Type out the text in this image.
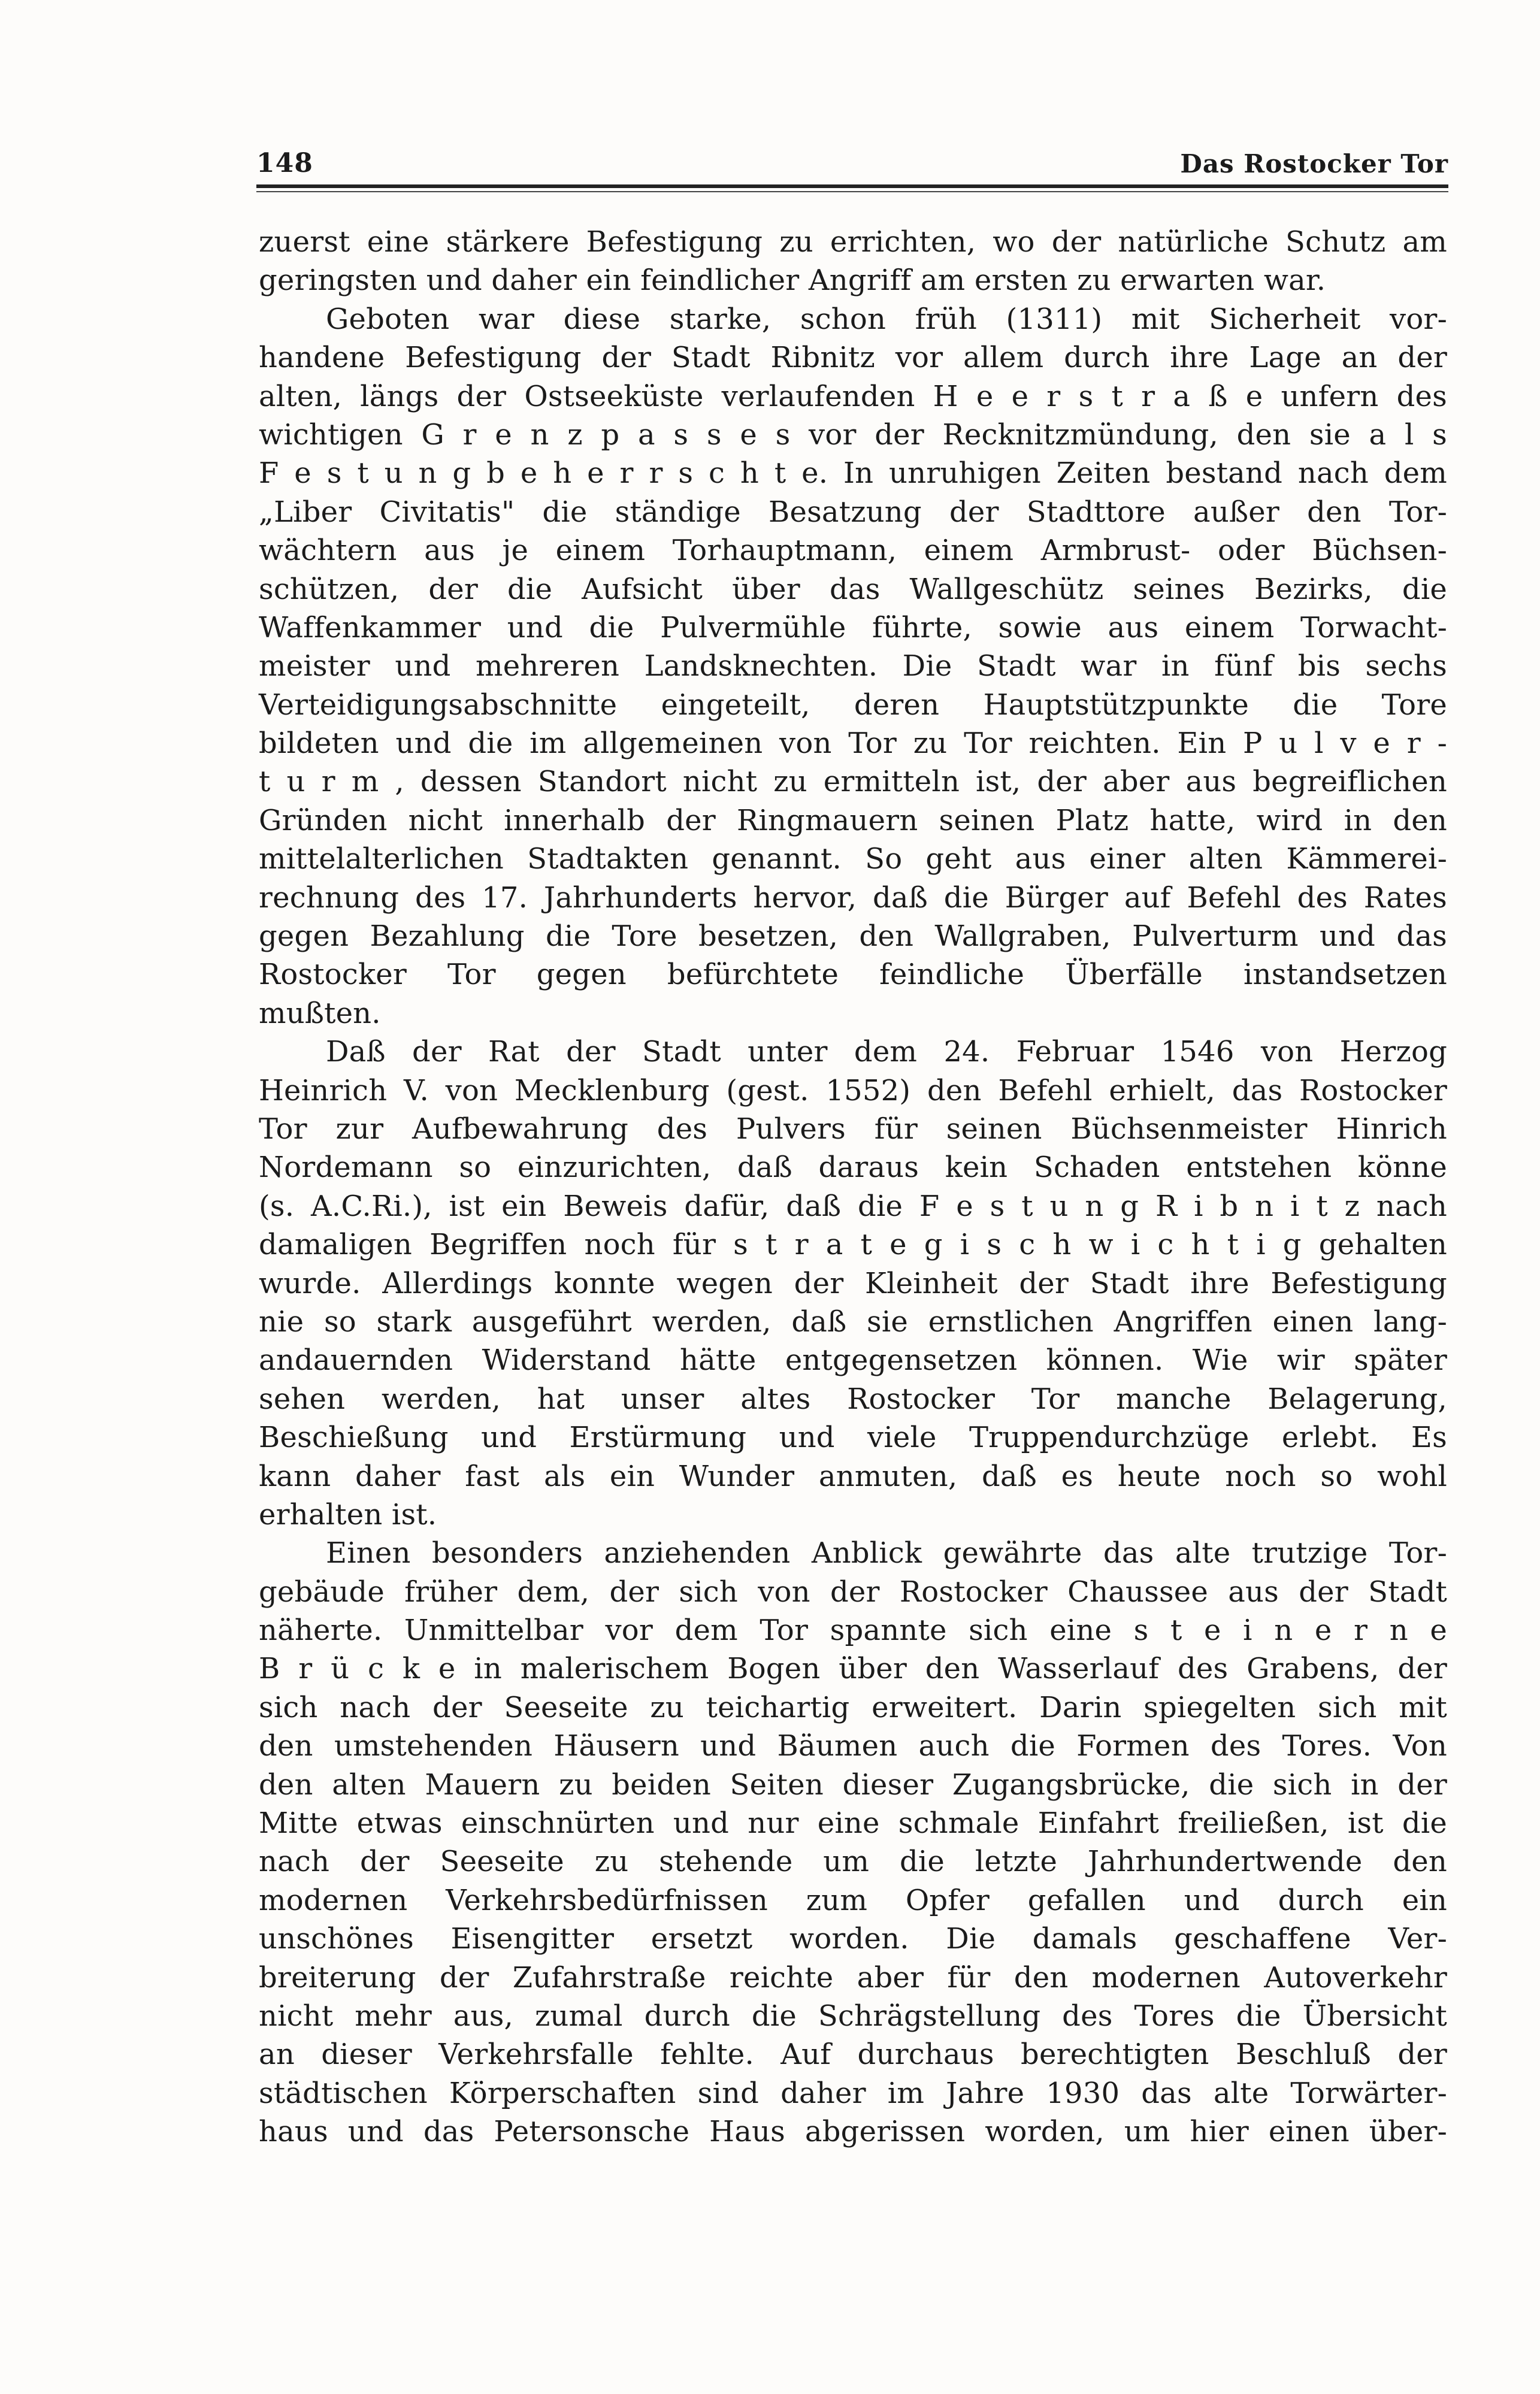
148	Das Rostocker Tor
zuerst eine stärkere Befestigung zu errichten, wo der natürliche Schutz am
geringsten und daher ein feindlicher Angriff am ersten zu erwarten war.
Geboten war diese starke, schon früh (1311) mit Sicherheit vor-
handene Befestigung der Stadt Ribnitz vor allem durch ihre Lage an der
alten, längs der Ostseeküste verlaufenden H e e r s t r a ß e unfern des
wichtigen G r e n z p a s s e s vor der Recknitzmündung, den sie a l s
F e s t u n g b e h e r r s c h t e. In unruhigen Zeiten bestand nach dem
„Liber Civitatis" die ständige Besatzung der Stadttore außer den Tor-
wächtern aus je einem Torhauptmann, einem Armbrust- oder Büchsen-
schützen, der die Aufsicht über das Wallgeschütz seines Bezirks, die
Waffenkammer und die Pulvermühle führte, sowie aus einem Torwacht-
meister und mehreren Landsknechten. Die Stadt war in fünf bis sechs
Verteidigungsabschnitte eingeteilt, deren Hauptstützpunkte die Tore
bildeten und die im allgemeinen von Tor zu Tor reichten. Ein P u l v e r -
t u r m , dessen Standort nicht zu ermitteln ist, der aber aus begreiflichen
Gründen nicht innerhalb der Ringmauern seinen Platz hatte, wird in den
mittelalterlichen Stadtakten genannt. So geht aus einer alten Kämmerei-
rechnung des 17. Jahrhunderts hervor, daß die Bürger auf Befehl des Rates
gegen Bezahlung die Tore besetzen, den Wallgraben, Pulverturm und das
Rostocker Tor gegen befürchtete feindliche Überfälle instandsetzen
mußten.
Daß der Rat der Stadt unter dem 24. Februar 1546 von Herzog
Heinrich V. von Mecklenburg (gest. 1552) den Befehl erhielt, das Rostocker
Tor zur Aufbewahrung des Pulvers für seinen Büchsenmeister Hinrich
Nordemann so einzurichten, daß daraus kein Schaden entstehen könne
(s. A.C.Ri.), ist ein Beweis dafür, daß die F e s t u n g R i b n i t z nach
damaligen Begriffen noch für s t r a t e g i s c h w i c h t i g gehalten
wurde. Allerdings konnte wegen der Kleinheit der Stadt ihre Befestigung
nie so stark ausgeführt werden, daß sie ernstlichen Angriffen einen lang-
andauernden Widerstand hätte entgegensetzen können. Wie wir später
sehen werden, hat unser altes Rostocker Tor manche Belagerung,
Beschießung und Erstürmung und viele Truppendurchzüge erlebt. Es
kann daher fast als ein Wunder anmuten, daß es heute noch so wohl
erhalten ist.
Einen besonders anziehenden Anblick gewährte das alte trutzige Tor-
gebäude früher dem, der sich von der Rostocker Chaussee aus der Stadt
näherte. Unmittelbar vor dem Tor spannte sich eine s t e i n e r n e
B r ü c k e in malerischem Bogen über den Wasserlauf des Grabens, der
sich nach der Seeseite zu teichartig erweitert. Darin spiegelten sich mit
den umstehenden Häusern und Bäumen auch die Formen des Tores. Von
den alten Mauern zu beiden Seiten dieser Zugangsbrücke, die sich in der
Mitte etwas einschnürten und nur eine schmale Einfahrt freiließen, ist die
nach der Seeseite zu stehende um die letzte Jahrhundertwende den
modernen Verkehrsbedürfnissen zum Opfer gefallen und durch ein
unschönes Eisengitter ersetzt worden. Die damals geschaffene Ver-
breiterung der Zufahrstraße reichte aber für den modernen Autoverkehr
nicht mehr aus, zumal durch die Schrägstellung des Tores die Übersicht
an dieser Verkehrsfalle fehlte. Auf durchaus berechtigten Beschluß der
städtischen Körperschaften sind daher im Jahre 1930 das alte Torwärter-
haus und das Petersonsche Haus abgerissen worden, um hier einen über-
